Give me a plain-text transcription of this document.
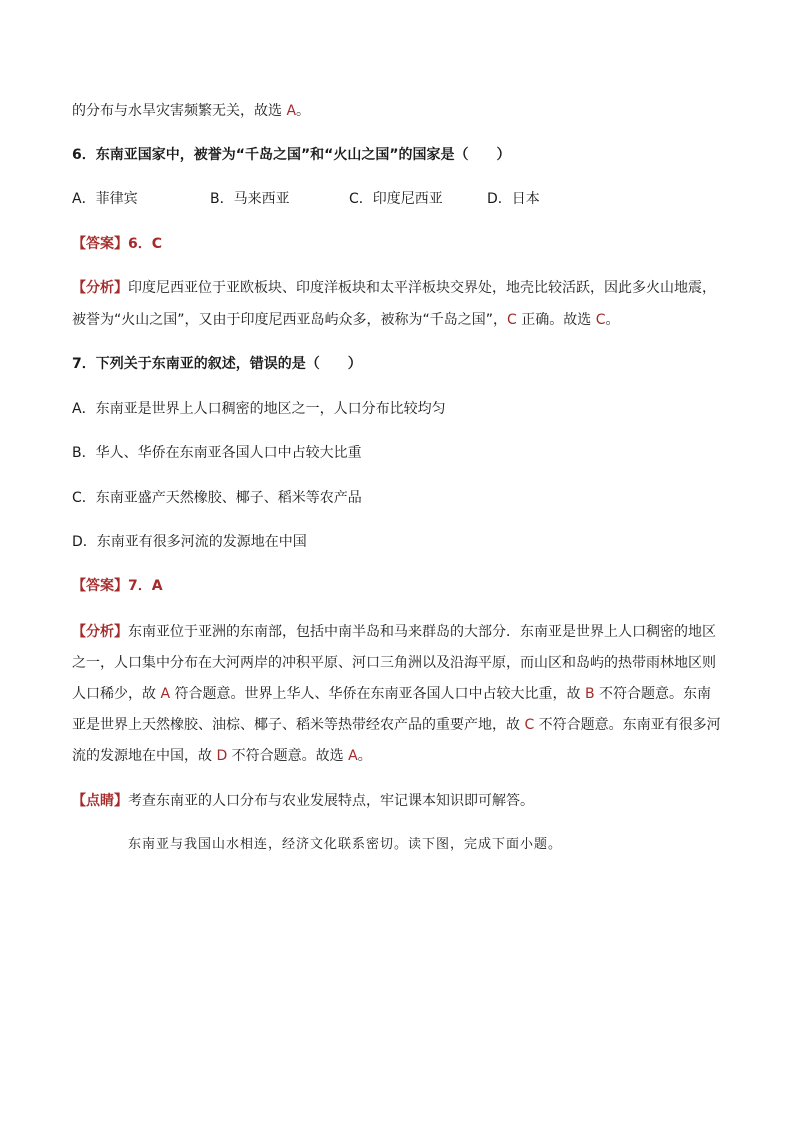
的分布与水旱灾害频繁无关，故选 A。
6．东南亚国家中，被誉为“千岛之国”和“火山之国”的国家是（　　）
A．菲律宾	B．马来西亚	C．印度尼西亚	D．日本
【答案】6．C
【分析】印度尼西亚位于亚欧板块、印度洋板块和太平洋板块交界处，地壳比较活跃，因此多火山地震，
被誉为“火山之国”，又由于印度尼西亚岛屿众多，被称为“千岛之国”，C 正确。故选 C。
7．下列关于东南亚的叙述，错误的是（　　）
A．东南亚是世界上人口稠密的地区之一，人口分布比较均匀
B．华人、华侨在东南亚各国人口中占较大比重
C．东南亚盛产天然橡胶、椰子、稻米等农产品
D．东南亚有很多河流的发源地在中国
【答案】7．A
【分析】东南亚位于亚洲的东南部，包括中南半岛和马来群岛的大部分．东南亚是世界上人口稠密的地区之一，人口集中分布在大河两岸的冲积平原、河口三角洲以及沿海平原，而山区和岛屿的热带雨林地区则人口稀少，故 A 符合题意。世界上华人、华侨在东南亚各国人口中占较大比重，故 B 不符合题意。东南亚是世界上天然橡胶、油棕、椰子、稻米等热带经农产品的重要产地，故 C 不符合题意。东南亚有很多河流的发源地在中国，故 D 不符合题意。故选 A。
【点睛】考查东南亚的人口分布与农业发展特点，牢记课本知识即可解答。
东南亚与我国山水相连，经济文化联系密切。读下图，完成下面小题。
